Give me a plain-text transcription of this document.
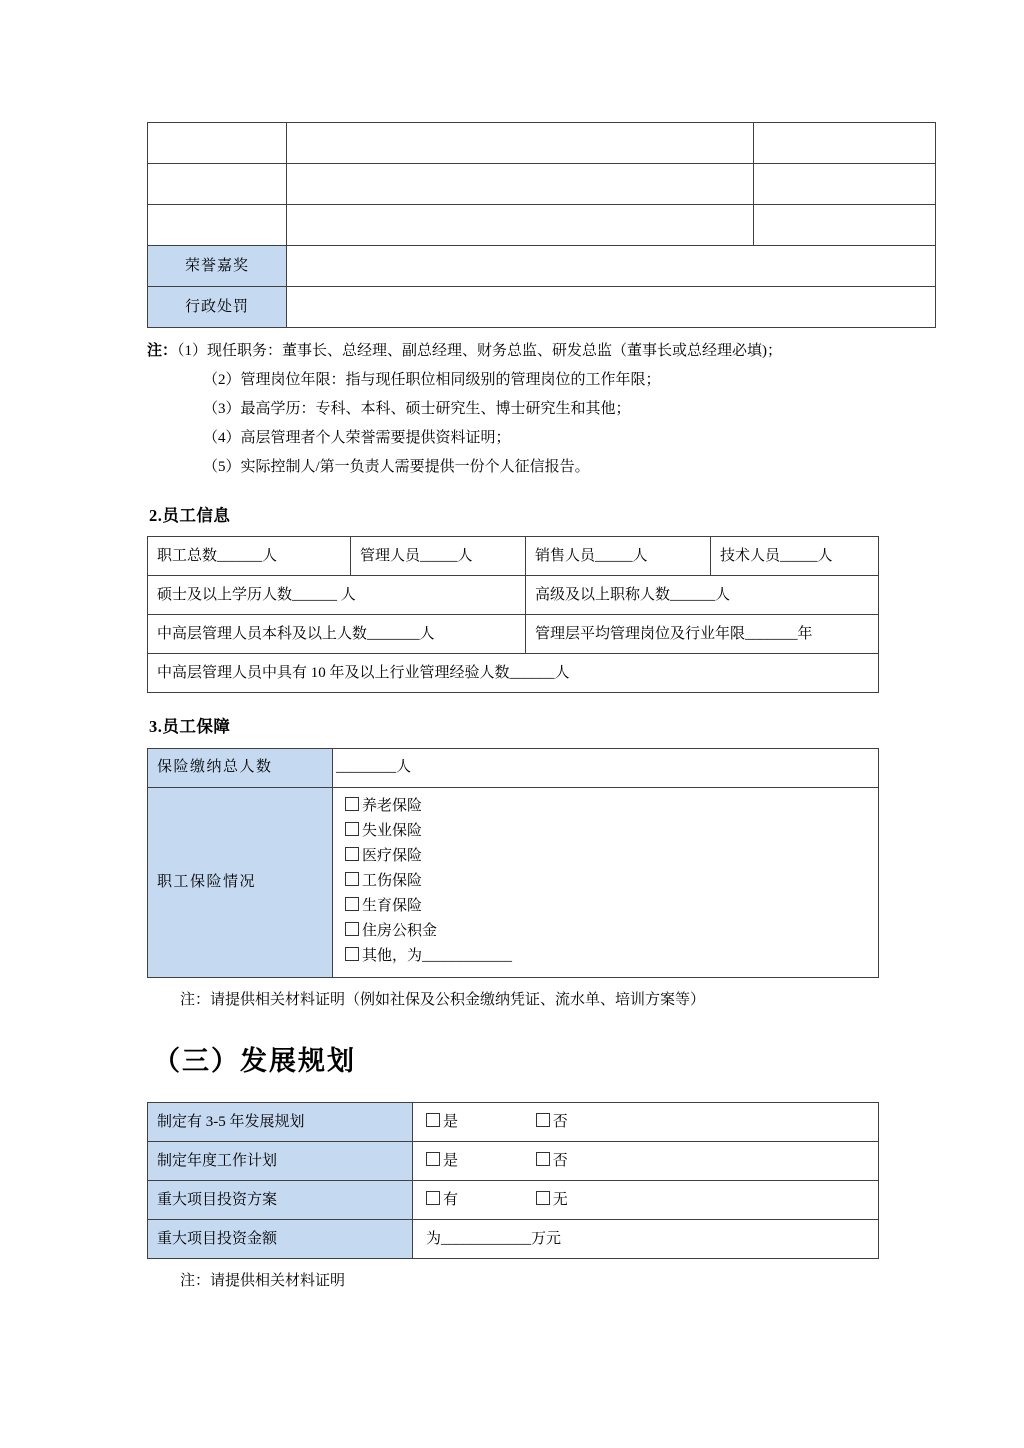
荣誉嘉奖		
行政处罚		
注：（1）现任职务：董事长、总经理、副总经理、财务总监、研发总监（董事长或总经理必填)；
（2）管理岗位年限：指与现任职位相同级别的管理岗位的工作年限；
（3）最高学历：专科、本科、硕士研究生、博士研究生和其他；
（4）高层管理者个人荣誉需要提供资料证明；
（5）实际控制人/第一负责人需要提供一份个人征信报告。
2.员工信息
职工总数______人	管理人员_____人	销售人员_____人	技术人员_____人
硕士及以上学历人数______ 人		高级及以上职称人数______人	
中高层管理人员本科及以上人数_______人		管理层平均管理岗位及行业年限_______年	
中高层管理人员中具有 10 年及以上行业管理经验人数______人			
3.员工保障
保险缴纳总人数	________人
职工保险情况	
养老保险
失业保险
医疗保险
工伤保险
生育保险
住房公积金
其他，为____________
注：请提供相关材料证明（例如社保及公积金缴纳凭证、流水单、培训方案等）
（三）发展规划
制定有 3-5 年发展规划	是 否
制定年度工作计划	是 否
重大项目投资方案	有 无
重大项目投资金额	为____________万元
注：请提供相关材料证明
